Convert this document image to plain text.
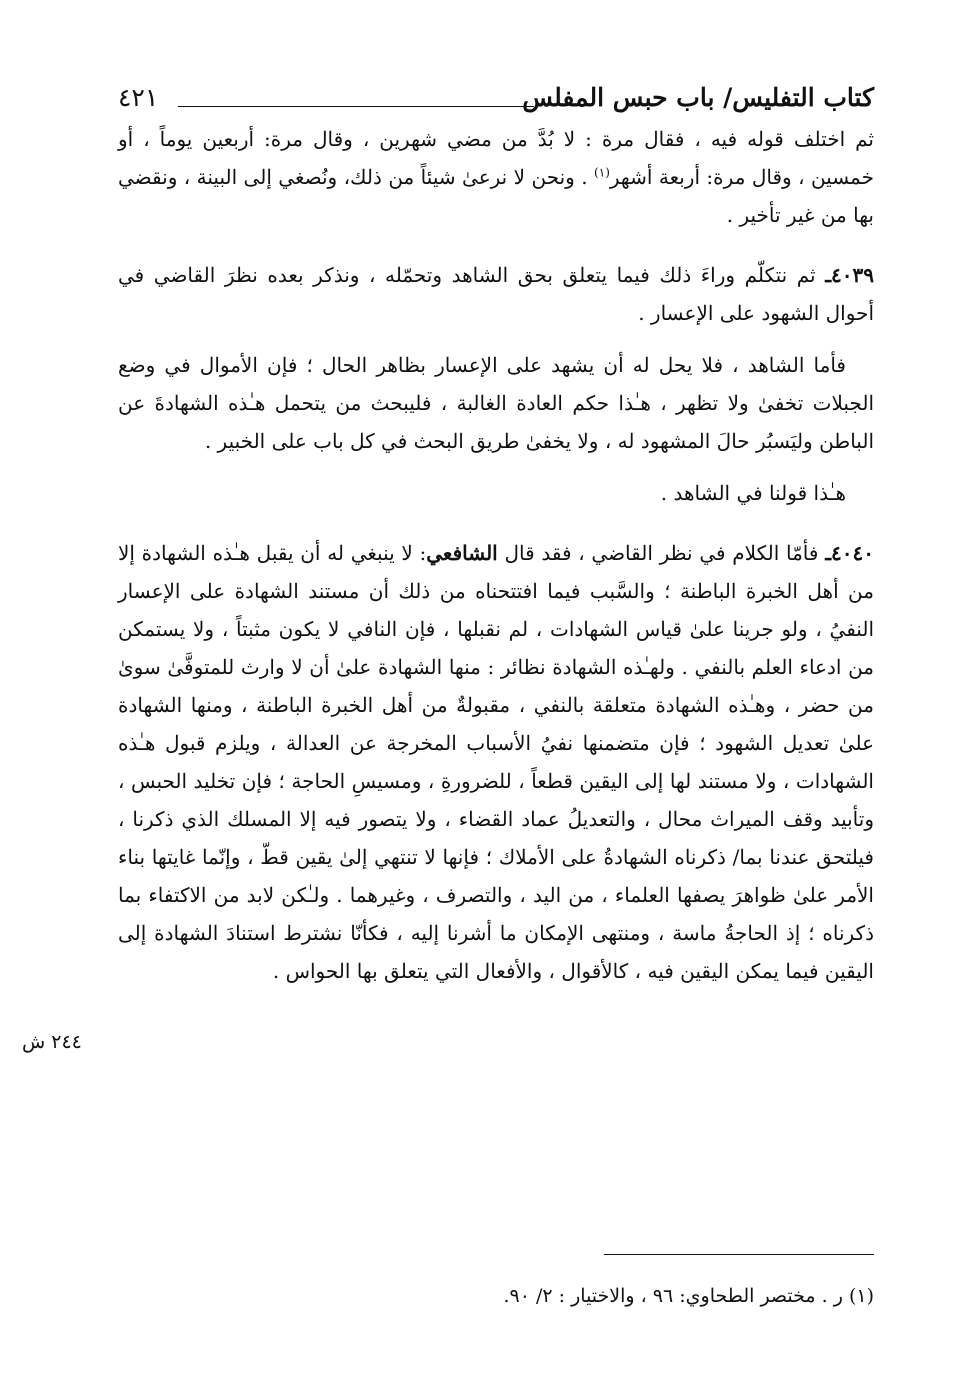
كتاب التفليس/ باب حبس المفلس
٤٢١

ثم اختلف قوله فيه ، فقال مرة : لا بُدَّ من مضي شهرين ، وقال مرة: أربعين يوماً ، أو خمسين ، وقال مرة: أربعة أشهر$^{(١)}$ . ونحن لا نرعىٰ شيئاً من ذلك، ونُصغي إلى البينة ، ونقضي بها من غير تأخير .

٤٠٣٩ـ ثم نتكلّم وراءَ ذلك فيما يتعلق بحق الشاهد وتحمّله ، ونذكر بعده نظرَ القاضي في أحوال الشهود على الإعسار .

فأما الشاهد ، فلا يحل له أن يشهد على الإعسار بظاهر الحال ؛ فإن الأموال في وضع الجبلات تخفىٰ ولا تظهر ، هـٰذا حكم العادة الغالبة ، فليبحث من يتحمل هـٰذه الشهادةَ عن الباطن وليَسبُر حالَ المشهود له ، ولا يخفىٰ طريق البحث في كل باب على الخبير .

هـٰذا قولنا في الشاهد .

٤٠٤٠ـ فأمّا الكلام في نظر القاضي ، فقد قال الشافعي: لا ينبغي له أن يقبل هـٰذه الشهادة إلا من أهل الخبرة الباطنة ؛ والسَّبب فيما افتتحناه من ذلك أن مستند الشهادة على الإعسار النفيُ ، ولو جرينا علىٰ قياس الشهادات ، لم نقبلها ، فإن النافي لا يكون مثبتاً ، ولا يستمكن من ادعاء العلم بالنفي . ولهـٰذه الشهادة نظائر : منها الشهادة علىٰ أن لا وارث للمتوفَّىٰ سوىٰ من حضر ، وهـٰذه الشهادة متعلقة بالنفي ، مقبولةٌ من أهل الخبرة الباطنة ، ومنها الشهادة علىٰ تعديل الشهود ؛ فإن متضمنها نفيُ الأسباب المخرجة عن العدالة ، ويلزم قبول هـٰذه الشهادات ، ولا مستند لها إلى اليقين قطعاً ، للضرورةِ ، ومسيسِ الحاجة ؛ فإن تخليد الحبس ، وتأبيد وقف الميراث محال ، والتعديلُ عماد القضاء ، ولا يتصور فيه إلا المسلك الذي ذكرنا ، فيلتحق عندنا بما/ ذكرناه الشهادةُ على الأملاك ؛ فإنها لا تنتهي إلىٰ يقين قطّ ، وإنّما غايتها بناء الأمر علىٰ ظواهرَ يصفها العلماء ، من اليد ، والتصرف ، وغيرهما . ولـٰكن لابد من الاكتفاء بما ذكرناه ؛ إذ الحاجةُ ماسة ، ومنتهى الإمكان ما أشرنا إليه ، فكأنّا نشترط استنادَ الشهادة إلى اليقين فيما يمكن اليقين فيه ، كالأقوال ، والأفعال التي يتعلق بها الحواس .

(١) ر . مختصر الطحاوي: ٩٦ ، والاختيار : ٢/ ٩٠.
٢٤٤ ش
